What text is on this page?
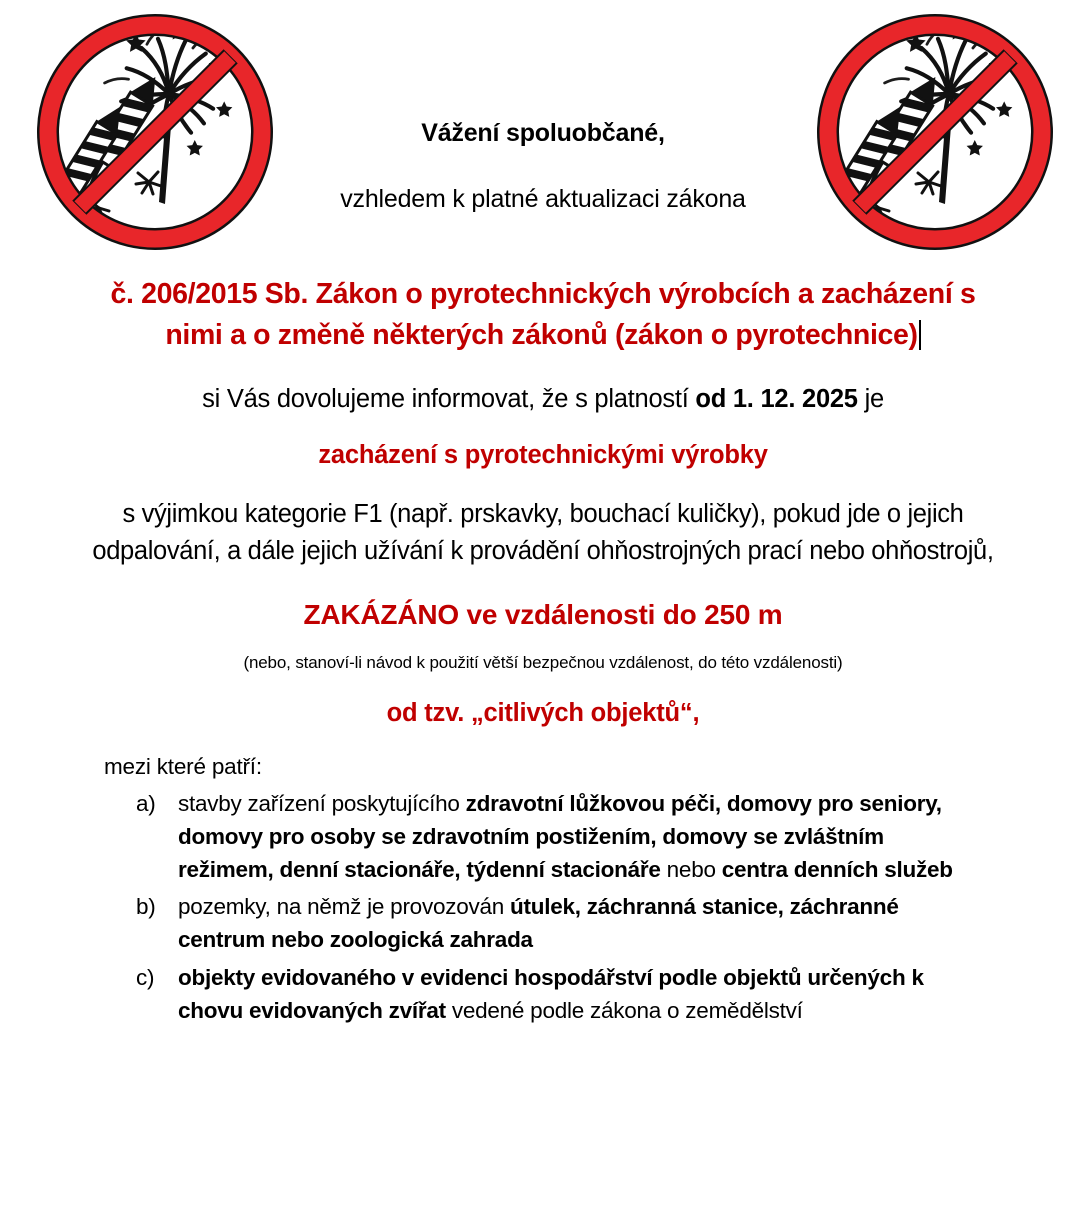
Vážení spoluobčané,
vzhledem k platné aktualizaci zákona
č. 206/2015 Sb. Zákon o pyrotechnických výrobcích a zacházení s nimi a o změně některých zákonů (zákon o pyrotechnice)
si Vás dovolujeme informovat, že s platností od 1. 12. 2025 je
zacházení s pyrotechnickými výrobky
s výjimkou kategorie F1 (např. prskavky, bouchací kuličky), pokud jde o jejich odpalování, a dále jejich užívání k provádění ohňostrojných prací nebo ohňostrojů,
ZAKÁZÁNO ve vzdálenosti do 250 m
(nebo, stanoví-li návod k použití větší bezpečnou vzdálenost, do této vzdálenosti)
od tzv. „citlivých objektů“,
mezi které patří:
a) stavby zařízení poskytujícího zdravotní lůžkovou péči, domovy pro seniory, domovy pro osoby se zdravotním postižením, domovy se zvláštním režimem, denní stacionáře, týdenní stacionáře nebo centra denních služeb
b) pozemky, na němž je provozován útulek, záchranná stanice, záchranné centrum nebo zoologická zahrada
c)	objekty evidovaného v evidenci hospodářství podle objektů určených k chovu evidovaných zvířat vedené podle zákona o zemědělství
